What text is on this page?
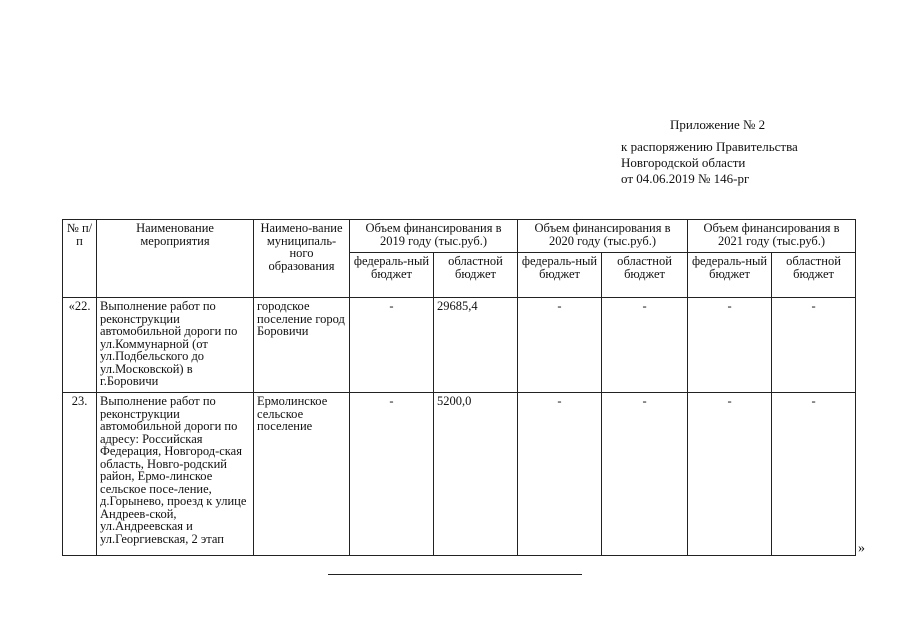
Приложение № 2
к распоряжению Правительства
Новгородской области
от 04.06.2019 № 146-рг
№ п/п	Наименование мероприятия	Наимено-вание муниципаль-ного образования	Объем финансирования в 2019 году (тыс.руб.)		Объем финансирования в 2020 году (тыс.руб.)		Объем финансирования в 2021 году (тыс.руб.)	
			федераль-ный бюджет	областной бюджет	федераль-ный бюджет	областной бюджет	федераль-ный бюджет	областной бюджет
«22.	Выполнение работ по реконструкции автомобильной дороги по ул.Коммунарной (от ул.Подбельского до ул.Московской) в г.Боровичи	городское поселение город Боровичи	-	29685,4	-	-	-	-
23.	Выполнение работ по реконструкции автомобильной дороги по адресу: Российская Федерация, Новгород-ская область, Новго-родский район, Ермо-линское сельское посе-ление, д.Горынево, проезд к улице Андреев-ской, ул.Андреевская и ул.Георгиевская, 2 этап	Ермолинское сельское поселение	-	5200,0	-	-	-	-
»
